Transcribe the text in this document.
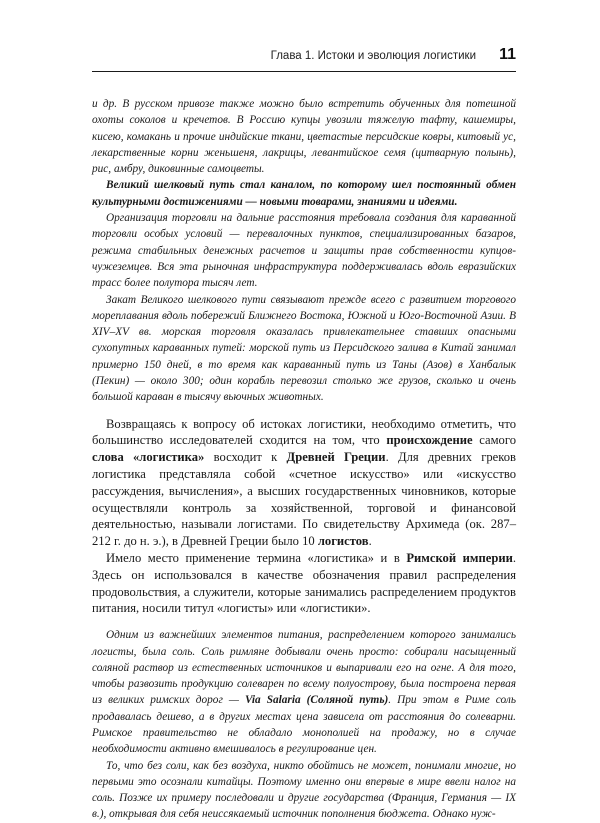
Глава 1. Истоки и эволюция логистики 11

и др. В русском привозе также можно было встретить обученных для потешной охоты соколов и кречетов. В Россию купцы увозили тяжелую тафту, кашемиры, кисею, комакань и прочие индийские ткани, цветастые персидские ковры, китовый ус, лекарственные корни женьшеня, лакрицы, левантийское семя (цитварную полынь), рис, амбру, диковинные самоцветы.

Великий шелковый путь стал каналом, по которому шел постоянный обмен культурными достижениями — новыми товарами, знаниями и идеями.

Организация торговли на дальние расстояния требовала создания для караванной торговли особых условий — перевалочных пунктов, специализированных базаров, режима стабильных денежных расчетов и защиты прав собственности купцов-чужеземцев. Вся эта рыночная инфраструктура поддерживалась вдоль евразийских трасс более полутора тысяч лет.

Закат Великого шелкового пути связывают прежде всего с развитием торгового мореплавания вдоль побережий Ближнего Востока, Южной и Юго-Восточной Азии. В XIV–XV вв. морская торговля оказалась привлекательнее ставших опасными сухопутных караванных путей: морской путь из Персидского залива в Китай занимал примерно 150 дней, в то время как караванный путь из Таны (Азов) в Ханбалык (Пекин) — около 300; один корабль перевозил столько же грузов, сколько и очень большой караван в тысячу вьючных животных.

Возвращаясь к вопросу об истоках логистики, необходимо отметить, что большинство исследователей сходится на том, что происхождение самого слова «логистика» восходит к Древней Греции. Для древних греков логистика представляла собой «счетное искусство» или «искусство рассуждения, вычисления», а высших государственных чиновников, которые осуществляли контроль за хозяйственной, торговой и финансовой деятельностью, называли логистами. По свидетельству Архимеда (ок. 287–212 г. до н. э.), в Древней Греции было 10 логистов.

Имело место применение термина «логистика» и в Римской империи. Здесь он использовался в качестве обозначения правил распределения продовольствия, а служители, которые занимались распределением продуктов питания, носили титул «логисты» или «логистики».

Одним из важнейших элементов питания, распределением которого занимались логисты, была соль. Соль римляне добывали очень просто: собирали насыщенный соляной раствор из естественных источников и выпаривали его на огне. А для того, чтобы развозить продукцию солеварен по всему полуострову, была построена первая из великих римских дорог — Via Salaria (Соляной путь). При этом в Риме соль продавалась дешево, а в других местах цена зависела от расстояния до солеварни. Римское правительство не обладало монополией на продажу, но в случае необходимости активно вмешивалось в регулирование цен.

То, что без соли, как без воздуха, никто обойтись не может, понимали многие, но первыми это осознали китайцы. Поэтому именно они впервые в мире ввели налог на соль. Позже их примеру последовали и другие государства (Франция, Германия — IX в.), открывая для себя неиссякаемый источник пополнения бюджета. Однако нуж-
